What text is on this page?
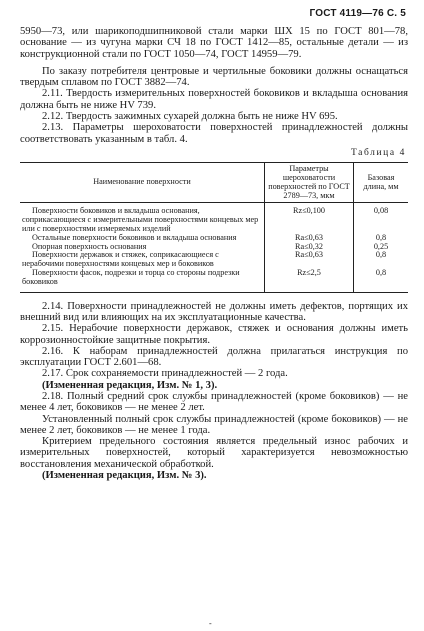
ГОСТ 4119—76 С. 5

5950—73, или шарикоподшипниковой стали марки ШХ 15 по ГОСТ 801—78, основание — из чугуна марки СЧ 18 по ГОСТ 1412—85, остальные детали — из конструкционной стали по ГОСТ 1050—74, ГОСТ 14959—79.

По заказу потребителя центровые и чертильные боковики должны оснащаться твердым сплавом по ГОСТ 3882—74.

2.11. Твердость измерительных поверхностей боковиков и вкладыша основания должна быть не ниже HV 739.

2.12. Твердость зажимных сухарей должна быть не ниже HV 695.

2.13. Параметры шероховатости поверхностей принадлежностей должны соответствовать указанным в табл. 4.

Таблица 4
Наименование поверхности	Параметры шероховатости поверхностей по ГОСТ 2789—73, мкм	Базовая длина, мм
Поверхности боковиков и вкладыша основания, соприкасающиеся с измерительными поверхностями концевых мер или с поверхностями измеряемых изделий	Rz≤0,100	0,08
Остальные поверхности боковиков и вкладыша основания	Ra≤0,63	0,8
Опорная поверхность основания	Ra≤0,32	0,25
Поверхности державок и стяжек, соприкасающиеся с нерабочими поверхностями концевых мер и боковиков	Ra≤0,63	0,8
Поверхности фасок, подрезки и торца со стороны подрезки боковиков	Rz≤2,5	0,8

2.14. Поверхности принадлежностей не должны иметь дефектов, портящих их внешний вид или влияющих на их эксплуатационные качества.

2.15. Нерабочие поверхности державок, стяжек и основания должны иметь коррозионностойкие защитные покрытия.

2.16. К наборам принадлежностей должна прилагаться инструкция по эксплуатации ГОСТ 2.601—68.

2.17. Срок сохраняемости принадлежностей — 2 года.

(Измененная редакция, Изм. № 1, 3).

2.18. Полный средний срок службы принадлежностей (кроме боковиков) — не менее 4 лет, боковиков — не менее 2 лет.

Установленный полный срок службы принадлежностей (кроме боковиков) — не менее 2 лет, боковиков — не менее 1 года.

Критерием предельного состояния является предельный износ рабочих и измерительных поверхностей, который характеризуется невозможностью восстановления механической обработкой.

(Измененная редакция, Изм. № 3).

-
